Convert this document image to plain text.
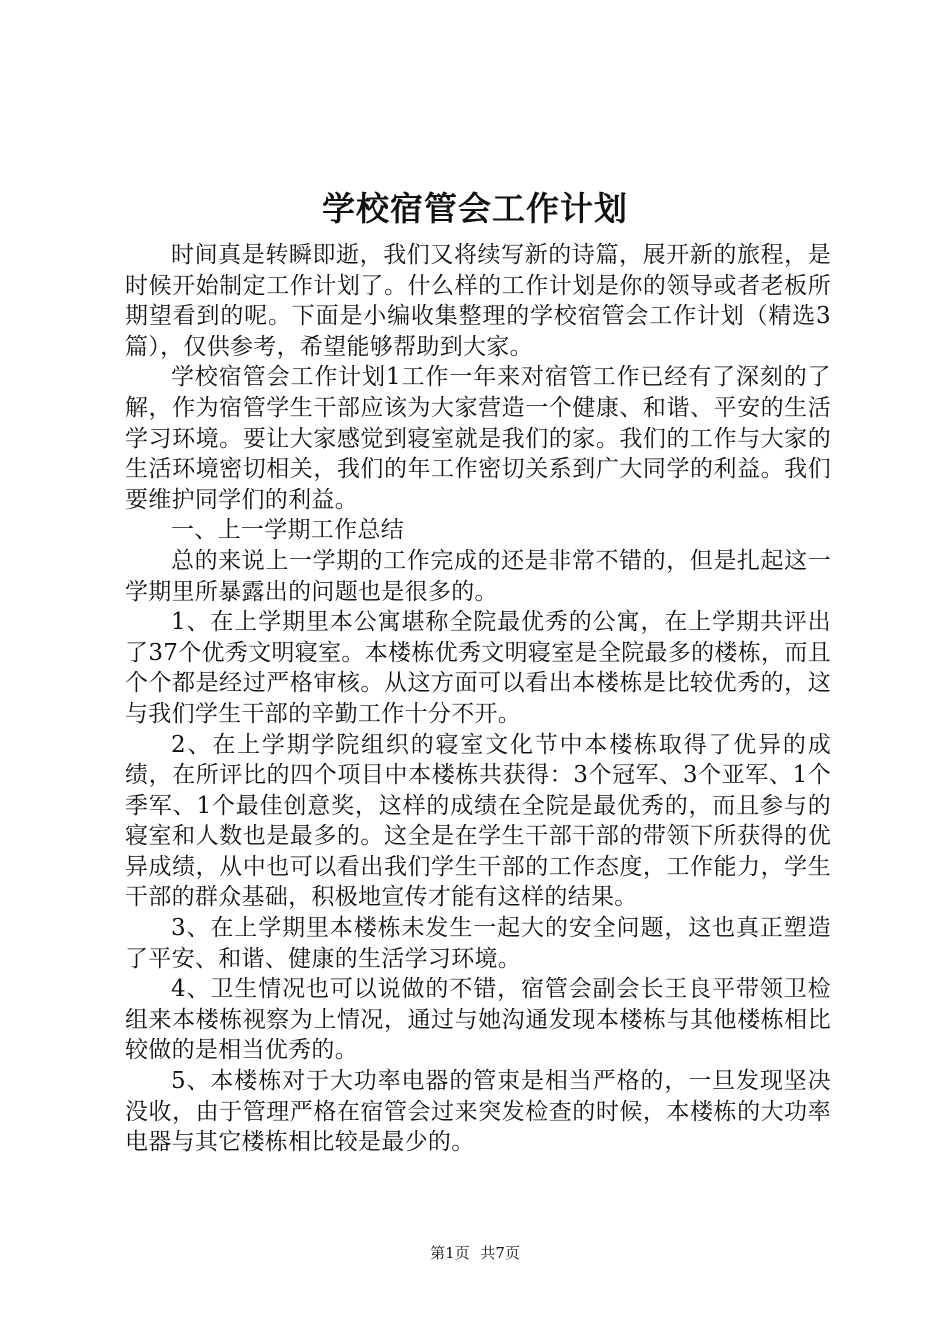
学校宿管会工作计划

时间真是转瞬即逝，我们又将续写新的诗篇，展开新的旅程，是时候开始制定工作计划了。什么样的工作计划是你的领导或者老板所期望看到的呢。下面是小编收集整理的学校宿管会工作计划（精选3篇），仅供参考，希望能够帮助到大家。

学校宿管会工作计划1工作一年来对宿管工作已经有了深刻的了解，作为宿管学生干部应该为大家营造一个健康、和谐、平安的生活学习环境。要让大家感觉到寝室就是我们的家。我们的工作与大家的生活环境密切相关，我们的年工作密切关系到广大同学的利益。我们要维护同学们的利益。

一、上一学期工作总结

总的来说上一学期的工作完成的还是非常不错的，但是扎起这一学期里所暴露出的问题也是很多的。

1、在上学期里本公寓堪称全院最优秀的公寓，在上学期共评出了37个优秀文明寝室。本楼栋优秀文明寝室是全院最多的楼栋，而且个个都是经过严格审核。从这方面可以看出本楼栋是比较优秀的，这与我们学生干部的辛勤工作十分不开。

2、在上学期学院组织的寝室文化节中本楼栋取得了优异的成绩，在所评比的四个项目中本楼栋共获得：3个冠军、3个亚军、1个季军、1个最佳创意奖，这样的成绩在全院是最优秀的，而且参与的寝室和人数也是最多的。这全是在学生干部干部的带领下所获得的优异成绩，从中也可以看出我们学生干部的工作态度，工作能力，学生干部的群众基础，积极地宣传才能有这样的结果。

3、在上学期里本楼栋未发生一起大的安全问题，这也真正塑造了平安、和谐、健康的生活学习环境。

4、卫生情况也可以说做的不错，宿管会副会长王良平带领卫检组来本楼栋视察为上情况，通过与她沟通发现本楼栋与其他楼栋相比较做的是相当优秀的。

5、本楼栋对于大功率电器的管束是相当严格的，一旦发现坚决没收，由于管理严格在宿管会过来突发检查的时候，本楼栋的大功率电器与其它楼栋相比较是最少的。

第1页 共7页
